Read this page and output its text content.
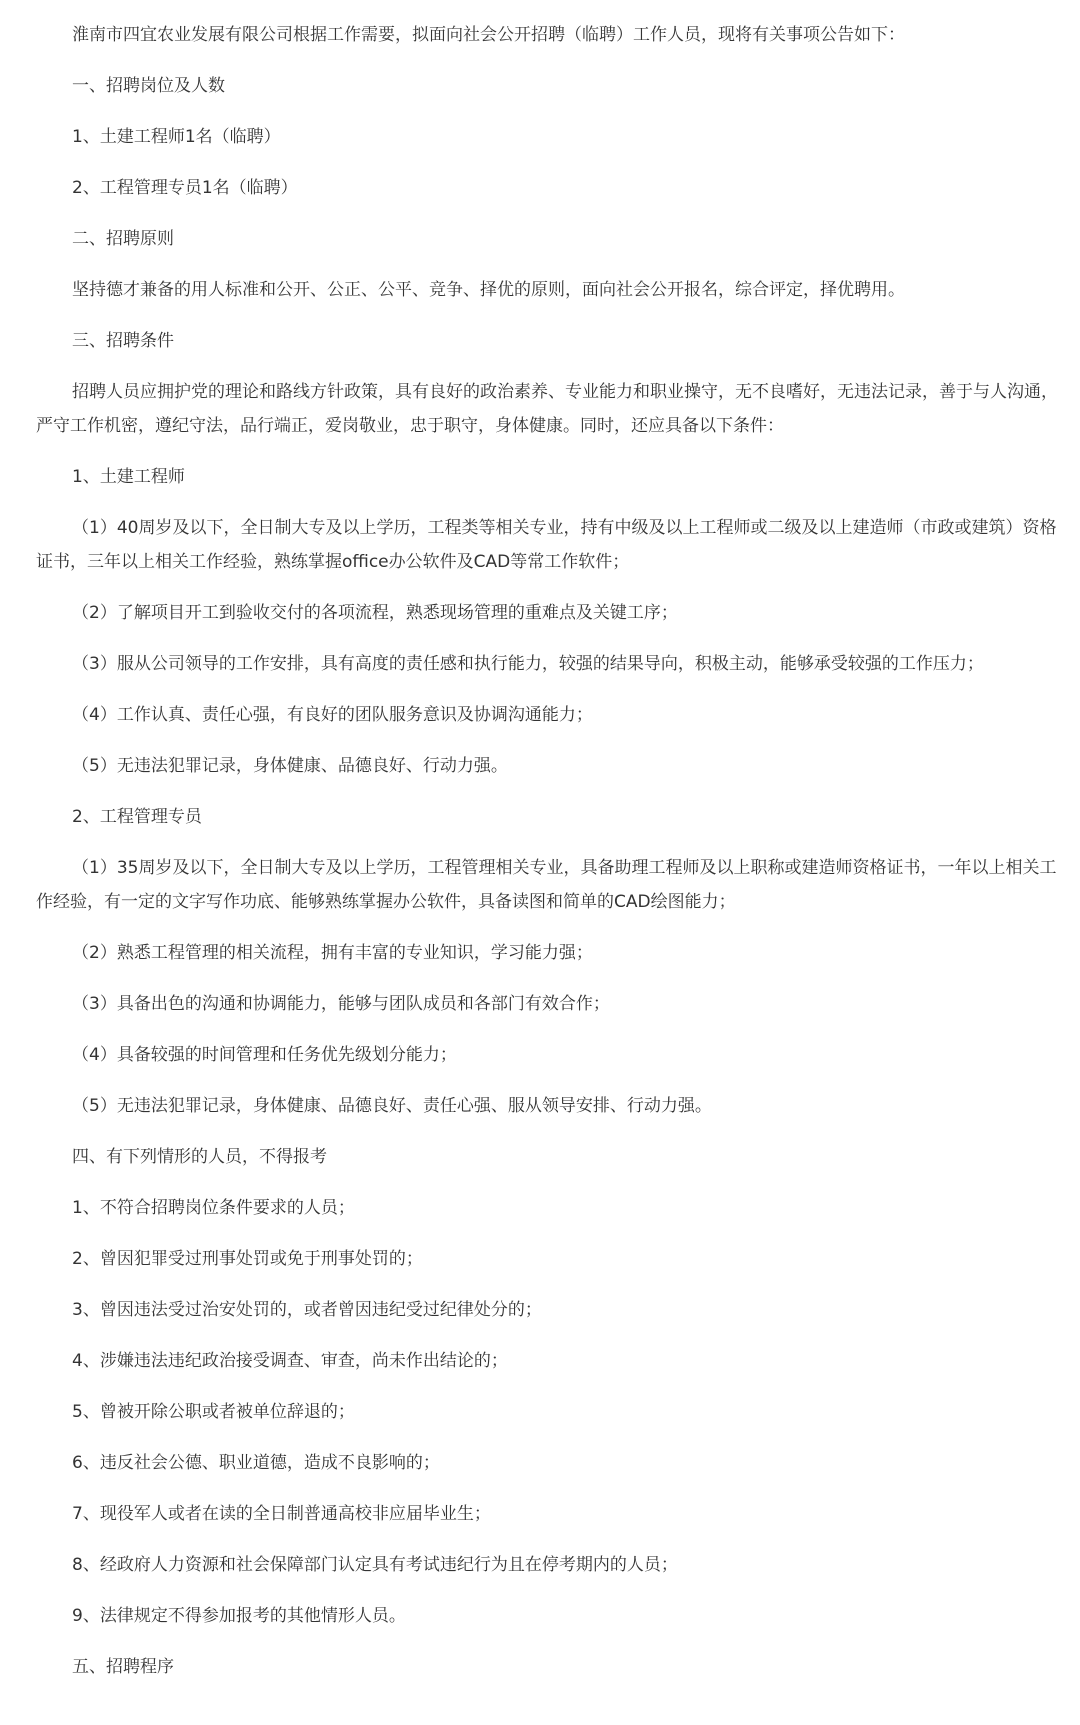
淮南市四宜农业发展有限公司根据工作需要，拟面向社会公开招聘（临聘）工作人员，现将有关事项公告如下：

一、招聘岗位及人数

1、土建工程师1名（临聘）

2、工程管理专员1名（临聘）

二、招聘原则

坚持德才兼备的用人标准和公开、公正、公平、竞争、择优的原则，面向社会公开报名，综合评定，择优聘用。

三、招聘条件

招聘人员应拥护党的理论和路线方针政策，具有良好的政治素养、专业能力和职业操守，无不良嗜好，无违法记录，善于与人沟通，严守工作机密，遵纪守法，品行端正，爱岗敬业，忠于职守，身体健康。同时，还应具备以下条件：

1、土建工程师

（1）40周岁及以下，全日制大专及以上学历，工程类等相关专业，持有中级及以上工程师或二级及以上建造师（市政或建筑）资格证书，三年以上相关工作经验，熟练掌握office办公软件及CAD等常工作软件；

（2）了解项目开工到验收交付的各项流程，熟悉现场管理的重难点及关键工序；

（3）服从公司领导的工作安排，具有高度的责任感和执行能力，较强的结果导向，积极主动，能够承受较强的工作压力；

（4）工作认真、责任心强，有良好的团队服务意识及协调沟通能力；

（5）无违法犯罪记录，身体健康、品德良好、行动力强。

2、工程管理专员

（1）35周岁及以下，全日制大专及以上学历，工程管理相关专业，具备助理工程师及以上职称或建造师资格证书，一年以上相关工作经验，有一定的文字写作功底、能够熟练掌握办公软件，具备读图和简单的CAD绘图能力；

（2）熟悉工程管理的相关流程，拥有丰富的专业知识，学习能力强；

（3）具备出色的沟通和协调能力，能够与团队成员和各部门有效合作；

（4）具备较强的时间管理和任务优先级划分能力；

（5）无违法犯罪记录，身体健康、品德良好、责任心强、服从领导安排、行动力强。

四、有下列情形的人员，不得报考

1、不符合招聘岗位条件要求的人员；

2、曾因犯罪受过刑事处罚或免于刑事处罚的；

3、曾因违法受过治安处罚的，或者曾因违纪受过纪律处分的；

4、涉嫌违法违纪政治接受调查、审查，尚未作出结论的；

5、曾被开除公职或者被单位辞退的；

6、违反社会公德、职业道德，造成不良影响的；

7、现役军人或者在读的全日制普通高校非应届毕业生；

8、经政府人力资源和社会保障部门认定具有考试违纪行为且在停考期内的人员；

9、法律规定不得参加报考的其他情形人员。

五、招聘程序
